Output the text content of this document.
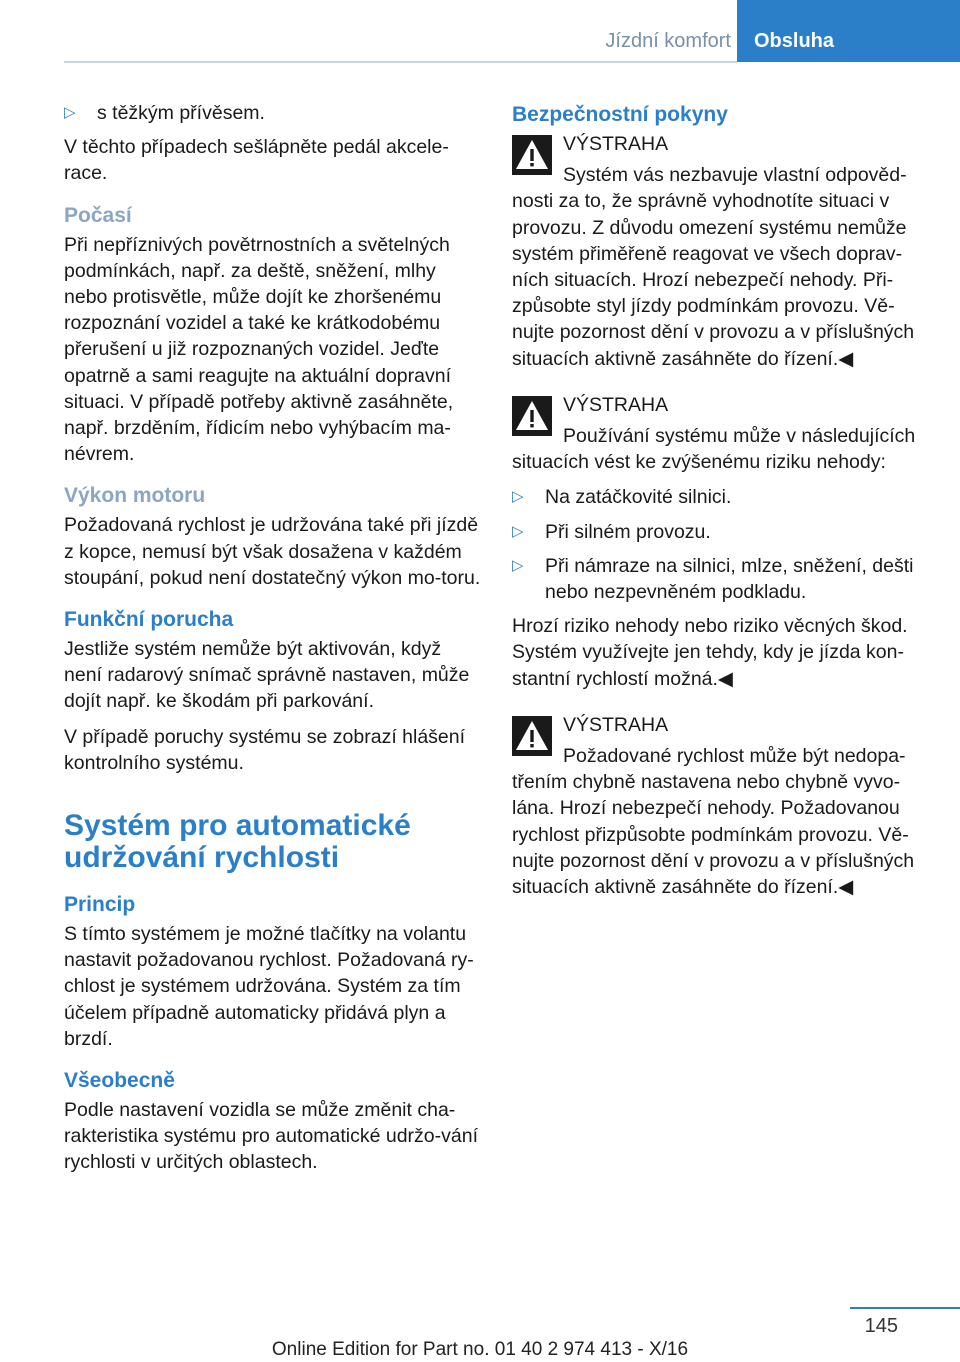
Jízdní komfort	Obsluha
▷ s těžkým přívěsem.

V těchto případech sešlápněte pedál akcele-race.

Počasí

Při nepříznivých povětrnostních a světelných podmínkách, např. za deště, sněžení, mlhy nebo protisvětle, může dojít ke zhoršenému rozpoznání vozidel a také ke krátkodobému přerušení u již rozpoznaných vozidel. Jeďte opatrně a sami reagujte na aktuální dopravní situaci. V případě potřeby aktivně zasáhněte, např. brzděním, řídicím nebo vyhýbacím ma-névrem.

Výkon motoru

Požadovaná rychlost je udržována také při jízdě z kopce, nemusí být však dosažena v každém stoupání, pokud není dostatečný výkon mo-toru.

Funkční porucha

Jestliže systém nemůže být aktivován, když není radarový snímač správně nastaven, může dojít např. ke škodám při parkování.

V případě poruchy systému se zobrazí hlášení kontrolního systému.

Systém pro automatické udržování rychlosti
Princip

S tímto systémem je možné tlačítky na volantu nastavit požadovanou rychlost. Požadovaná ry-chlost je systémem udržována. Systém za tím účelem případně automaticky přidává plyn a brzdí.

Všeobecně

Podle nastavení vozidla se může změnit cha-rakteristika systému pro automatické udržo-vání rychlosti v určitých oblastech.

Bezpečnostní pokyny
VÝSTRAHA

Systém vás nezbavuje vlastní odpověd-nosti za to, že správně vyhodnotíte situaci v provozu. Z důvodu omezení systému nemůže systém přiměřeně reagovat ve všech doprav-ních situacích. Hrozí nebezpečí nehody. Při-způsobte styl jízdy podmínkám provozu. Vě-nujte pozornost dění v provozu a v příslušných situacích aktivně zasáhněte do řízení.◀

VÝSTRAHA

Používání systému může v následujících situacích vést ke zvýšenému riziku nehody:

▷ Na zatáčkovité silnici.
▷ Při silném provozu.
▷ Při námraze na silnici, mlze, sněžení, dešti nebo nezpevněném podkladu.

Hrozí riziko nehody nebo riziko věcných škod. Systém využívejte jen tehdy, kdy je jízda kon-stantní rychlostí možná.◀

VÝSTRAHA

Požadované rychlost může být nedopa-třením chybně nastavena nebo chybně vyvo-lána. Hrozí nebezpečí nehody. Požadovanou rychlost přizpůsobte podmínkám provozu. Vě-nujte pozornost dění v provozu a v příslušných situacích aktivně zasáhněte do řízení.◀

145
Online Edition for Part no. 01 40 2 974 413 - X/16
